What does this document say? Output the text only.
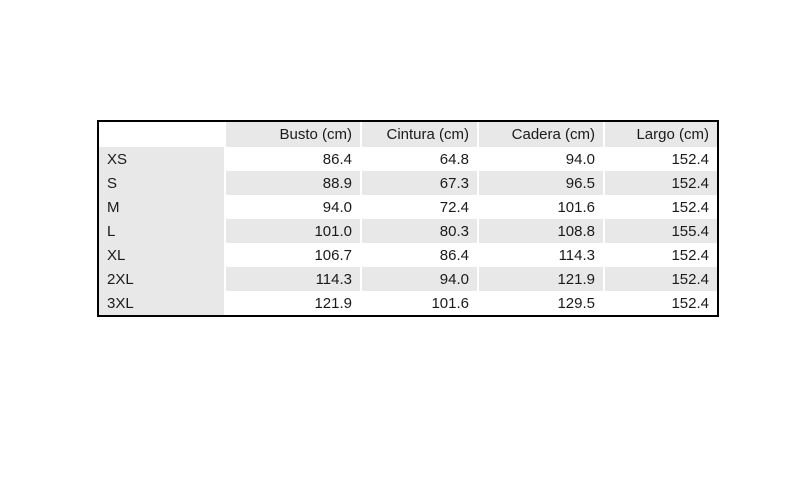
	Busto (cm)	Cintura (cm)	Cadera (cm)	Largo (cm)
XS	86.4	64.8	94.0	152.4
S	88.9	67.3	96.5	152.4
M	94.0	72.4	101.6	152.4
L	101.0	80.3	108.8	155.4
XL	106.7	86.4	114.3	152.4
2XL	114.3	94.0	121.9	152.4
3XL	121.9	101.6	129.5	152.4
